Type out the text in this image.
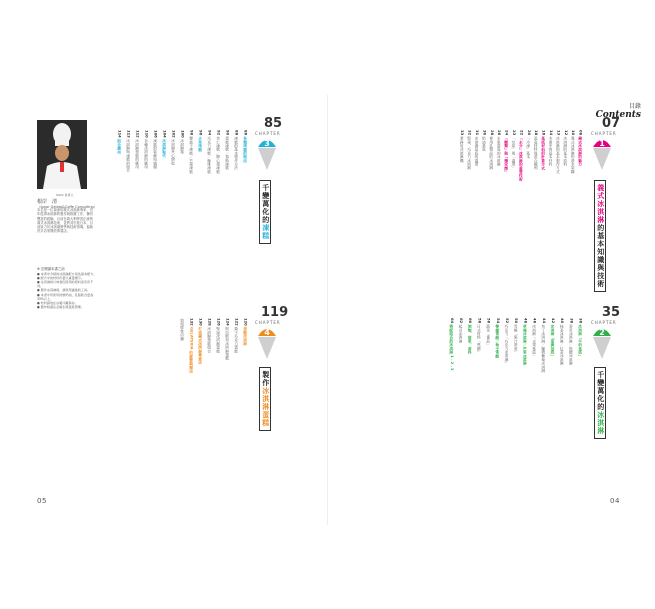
目錄
Contents
07
CHAPTER
1
義式冰淇淋的基本知識與技術
35
CHAPTER
2
千變萬化的冰淇淋
85
CHAPTER
3
千變萬化的凍糕
119
CHAPTER
4
製作冰淇淋蛋糕
08 義式冰淇淋的魅力
10 義式冰淇淋的基本架構
12 冰淇淋的基本原料
13 冰淇淋的基本製作方式
14 本書中的基本材料
16 基底材料的計算方式
18 基底材料與混合範例
20 「冷凍」基本
22 「水分」冰淇淋的重要技術
23 「空氣」與「溫度」
24 「糖類」與「穩定劑」
26 水果基底的冰淇淋
28 使用乳製品的冰淇淋
30 奶油基底
31 冰淇淋基底的溫度
32 堅果、巧克力冰淇淋
33 業務用冰淇淋機
36 冰淇淋「牛奶基底」
38 香草冰淇淋／焦糖冰淇淋
40 抹茶冰淇淋／紅茶冰淇淋
42 冰淇淋「蛋黃基底」
44 布丁冰淇淋／蘭姆葡萄冰淇淋
46 冰淇淋「水果基底」
48 草莓冰淇淋／芒果冰淇淋
50 雪酪「果汁基底」
52 巧克力「巧克力冰淇淋」
54 檸檬雪酪／柚子雪酪
56 蔬菜「番茄」
58 日式材料「黑糖」
60 酒類、堅果、香料
62 起司冰淇淋
64 搭配組合的冰淇淋 1・2・3
86 各種凍糕的做法
88 凍糕的基本製作方法
90 蛋糕凍糕／慕斯凍糕
92 杏仁凍糕／開心果凍糕
94 巧克力凍糕／咖啡凍糕
96 水果凍糕
98 覆盆子凍糕／芒果凍糕
100 冰淇淋捲
102 冰淇淋夾心餅乾
104 冰淇淋聖代
106 凍糕的裝飾與盛盤
110 各種冰淇淋的應用
112 冰淇淋蛋糕的應用
113 冰淇淋與凍糕的組合
114 組合應用
120 蛋糕冰淇淋
122 栗子巧克力蛋糕
124 阿拉斯加冰淇淋蛋糕
126 聖誕冰淇淋蛋糕
128 冰淇淋蛋糕組合
130 打造義式冰淇淋專賣店
132 GELATERIA 的經營與開店
如何經營店鋪
IOCC 負責人
根岸　清
（Ignor Gelato&Coffe Consulting）
本名是一位資深的義式冰淇淋專家，長年從事冰淇淋的製作與推廣工作，擁有豐富的經驗。目前在義大利學習正統的義式冰淇淋技術，並將其引進日本，目前致力於冰淇淋教學與技術指導，協助許多店家開設專賣店。
※ 在閱讀本書之前
● 本書中介紹的冰淇淋配方皆為基本配方。
● 配方中的材料份量以重量標示。
● 冰淇淋的口味會因使用的原料而有所不同。
● 製作冰淇淋時，請使用適當的工具。
● 本書中所使用的鮮奶油，乳脂肪含量為35%以上。
● 材料請放在冰箱冷藏保存。
● 製作時請注意衛生與溫度管理。
05	04
